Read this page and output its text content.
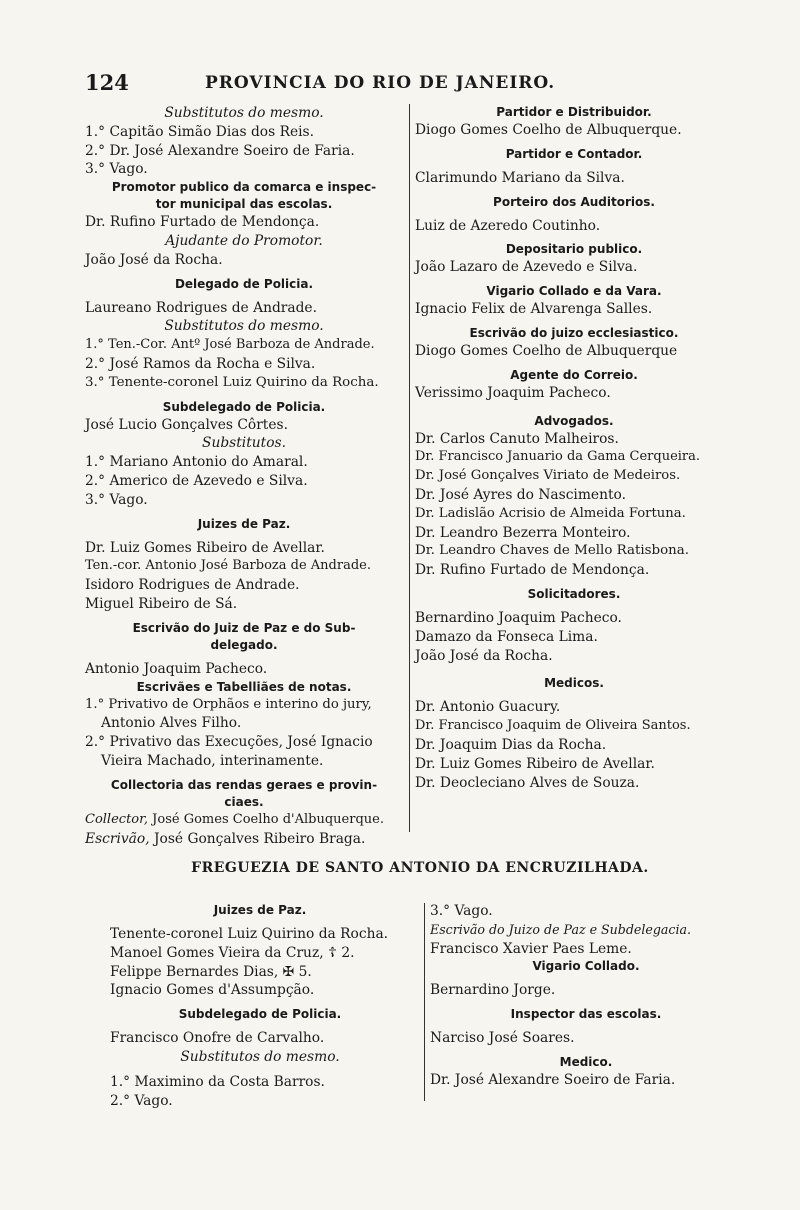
124	PROVINCIA DO RIO DE JANEIRO.
Substitutos do mesmo.
1.° Capitão Simão Dias dos Reis.
2.° Dr. José Alexandre Soeiro de Faria.
3.° Vago.
Promotor publico da comarca e inspec-
tor municipal das escolas.
Dr. Rufino Furtado de Mendonça.
Ajudante do Promotor.
João José da Rocha.
Delegado de Policia.
Laureano Rodrigues de Andrade.
Substitutos do mesmo.
1.° Ten.-Cor. Antº José Barboza de Andrade.
2.° José Ramos da Rocha e Silva.
3.° Tenente-coronel Luiz Quirino da Rocha.
Subdelegado de Policia.
José Lucio Gonçalves Côrtes.
Substitutos.
1.° Mariano Antonio do Amaral.
2.° Americo de Azevedo e Silva.
3.° Vago.
Juizes de Paz.
Dr. Luiz Gomes Ribeiro de Avellar.
Ten.-cor. Antonio José Barboza de Andrade.
Isidoro Rodrigues de Andrade.
Miguel Ribeiro de Sá.
Escrivão do Juiz de Paz e do Sub-
delegado.
Antonio Joaquim Pacheco.
Escrivães e Tabelliães de notas.
1.° Privativo de Orphãos e interino do jury,
Antonio Alves Filho.
2.° Privativo das Execuções, José Ignacio
Vieira Machado, interinamente.
Collectoria das rendas geraes e provin-
ciaes.
Collector, José Gomes Coelho d'Albuquerque.
Escrivão, José Gonçalves Ribeiro Braga.
Partidor e Distribuidor.
Diogo Gomes Coelho de Albuquerque.
Partidor e Contador.
Clarimundo Mariano da Silva.
Porteiro dos Auditorios.
Luiz de Azeredo Coutinho.
Depositario publico.
João Lazaro de Azevedo e Silva.
Vigario Collado e da Vara.
Ignacio Felix de Alvarenga Salles.
Escrivão do juizo ecclesiastico.
Diogo Gomes Coelho de Albuquerque
Agente do Correio.
Verissimo Joaquim Pacheco.
Advogados.
Dr. Carlos Canuto Malheiros.
Dr. Francisco Januario da Gama Cerqueira.
Dr. José Gonçalves Viriato de Medeiros.
Dr. José Ayres do Nascimento.
Dr. Ladislão Acrisio de Almeida Fortuna.
Dr. Leandro Bezerra Monteiro.
Dr. Leandro Chaves de Mello Ratisbona.
Dr. Rufino Furtado de Mendonça.
Solicitadores.
Bernardino Joaquim Pacheco.
Damazo da Fonseca Lima.
João José da Rocha.
Medicos.
Dr. Antonio Guacury.
Dr. Francisco Joaquim de Oliveira Santos.
Dr. Joaquim Dias da Rocha.
Dr. Luiz Gomes Ribeiro de Avellar.
Dr. Deocleciano Alves de Souza.
FREGUEZIA DE SANTO ANTONIO DA ENCRUZILHADA.
Juizes de Paz.
Tenente-coronel Luiz Quirino da Rocha.
Manoel Gomes Vieira da Cruz, ☦ 2.
Felippe Bernardes Dias, ✠ 5.
Ignacio Gomes d'Assumpção.
Subdelegado de Policia.
Francisco Onofre de Carvalho.
Substitutos do mesmo.
1.° Maximino da Costa Barros.
2.° Vago.
3.° Vago.
Escrivão do Juizo de Paz e Subdelegacia.
Francisco Xavier Paes Leme.
Vigario Collado.
Bernardino Jorge.
Inspector das escolas.
Narciso José Soares.
Medico.
Dr. José Alexandre Soeiro de Faria.
